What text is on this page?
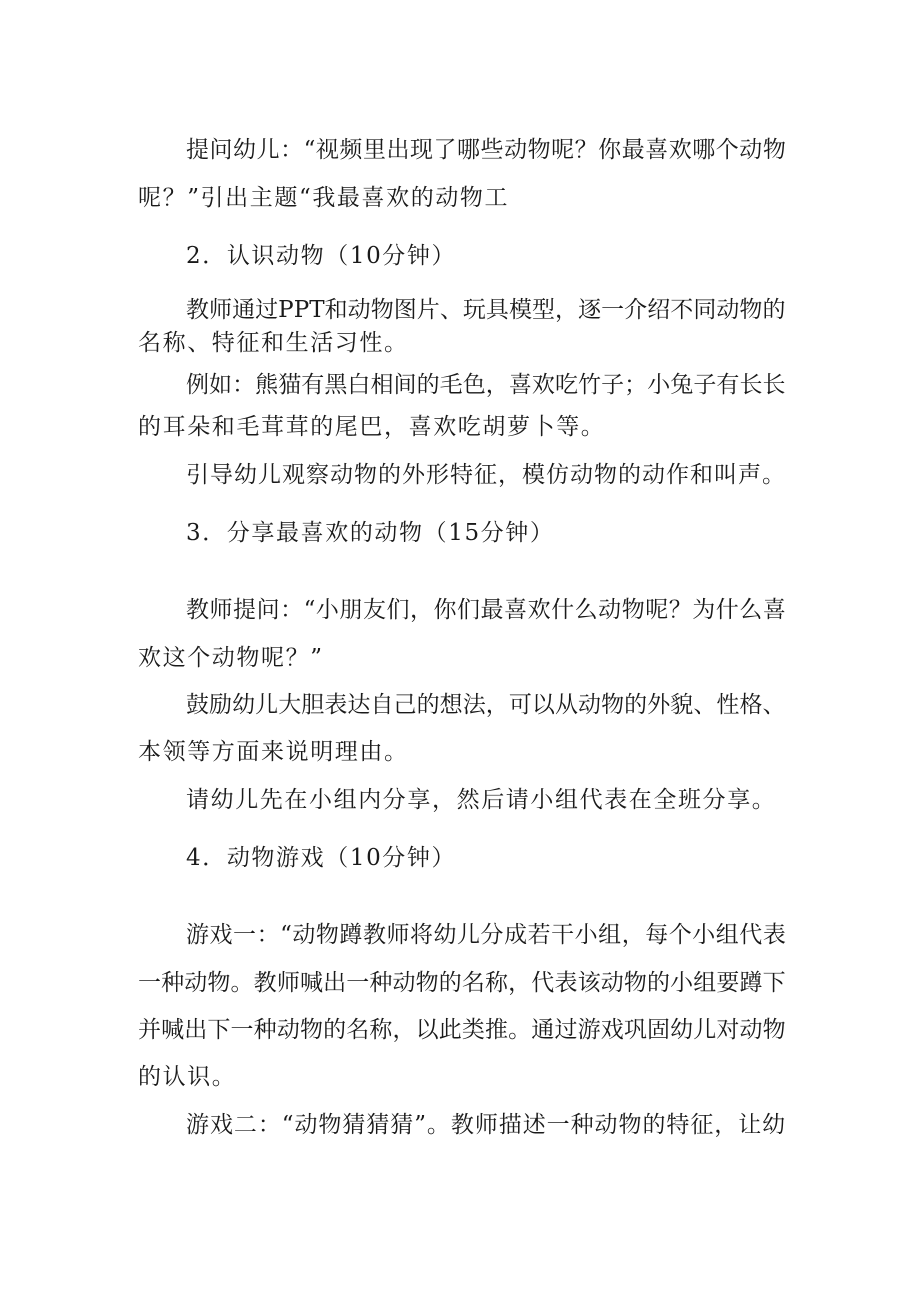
提问幼儿：“视频里出现了哪些动物呢？你最喜欢哪个动物
呢？”引出主题“我最喜欢的动物工
2．认识动物（10分钟）
教师通过PPT和动物图片、玩具模型，逐一介绍不同动物的
名称、特征和生活习性。
例如：熊猫有黑白相间的毛色，喜欢吃竹子；小兔子有长长
的耳朵和毛茸茸的尾巴，喜欢吃胡萝卜等。
引导幼儿观察动物的外形特征，模仿动物的动作和叫声。
3．分享最喜欢的动物（15分钟）
教师提问：“小朋友们，你们最喜欢什么动物呢？为什么喜
欢这个动物呢？”
鼓励幼儿大胆表达自己的想法，可以从动物的外貌、性格、
本领等方面来说明理由。
请幼儿先在小组内分享，然后请小组代表在全班分享。
4．动物游戏（10分钟）
游戏一：“动物蹲教师将幼儿分成若干小组，每个小组代表
一种动物。教师喊出一种动物的名称，代表该动物的小组要蹲下
并喊出下一种动物的名称，以此类推。通过游戏巩固幼儿对动物
的认识。
游戏二：“动物猜猜猜”。教师描述一种动物的特征，让幼
